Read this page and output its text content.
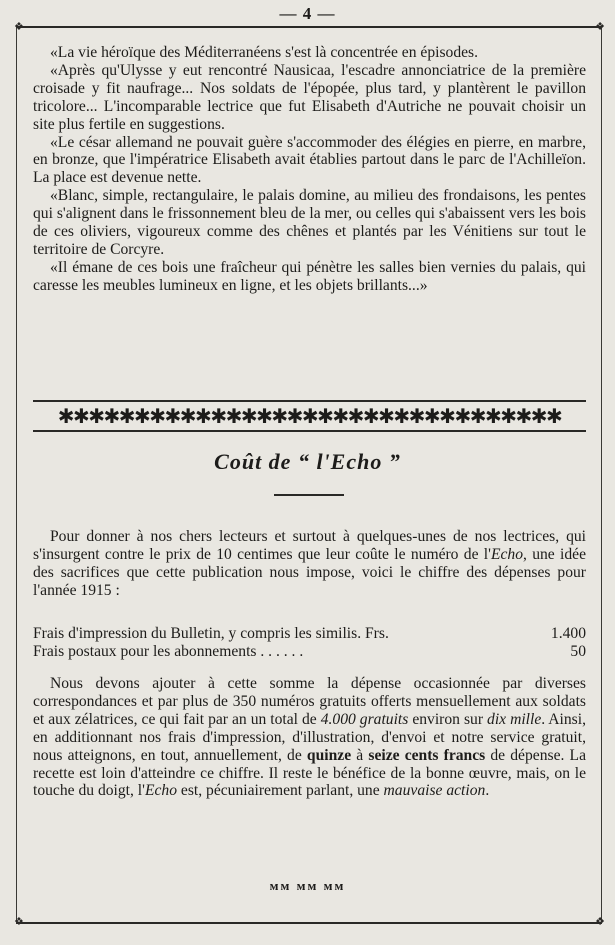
— 4 —
❖	❖
❖	❖

«La vie héroïque des Méditerranéens s'est là concentrée en épisodes.

«Après qu'Ulysse y eut rencontré Nausicaa, l'escadre annonciatrice de la première croisade y fit naufrage... Nos soldats de l'épopée, plus tard, y plantèrent le pavillon tricolore... L'incomparable lectrice que fut Elisabeth d'Autriche ne pouvait choisir un site plus fertile en suggestions.

«Le césar allemand ne pouvait guère s'accommoder des élégies en pierre, en marbre, en bronze, que l'impératrice Elisabeth avait établies partout dans le parc de l'Achilleïon. La place est devenue nette.

«Blanc, simple, rectangulaire, le palais domine, au milieu des frondaisons, les pentes qui s'alignent dans le frissonnement bleu de la mer, ou celles qui s'abaissent vers les bois de ces oliviers, vigoureux comme des chênes et plantés par les Vénitiens sur tout le territoire de Corcyre.

«Il émane de ces bois une fraîcheur qui pénètre les salles bien vernies du palais, qui caresse les meubles lumineux en ligne, et les objets brillants...»

✱✱✱✱✱✱✱✱✱✱✱✱✱✱✱✱✱✱✱✱✱✱✱✱✱✱✱✱✱✱✱✱✱
Coût de “ l'Echo ”

Pour donner à nos chers lecteurs et surtout à quelques-unes de nos lectrices, qui s'insurgent contre le prix de 10 centimes que leur coûte le numéro de l'Echo, une idée des sacrifices que cette publication nous impose, voici le chiffre des dépenses pour l'année 1915 :

Frais d'impression du Bulletin, y compris les similis. Frs.	1.400
Frais postaux pour les abonnements . . . . . .	50

Nous devons ajouter à cette somme la dépense occasionnée par diverses correspondances et par plus de 350 numéros gratuits offerts mensuellement aux soldats et aux zélatrices, ce qui fait par an un total de 4.000 gratuits environ sur dix mille. Ainsi, en additionnant nos frais d'impression, d'illustration, d'envoi et notre service gratuit, nous atteignons, en tout, annuellement, de quinze à seize cents francs de dépense. La recette est loin d'atteindre ce chiffre. Il reste le bénéfice de la bonne œuvre, mais, on le touche du doigt, l'Echo est, pécuniairement parlant, une mauvaise action.

ᴍᴍ ᴍᴍ ᴍᴍ
